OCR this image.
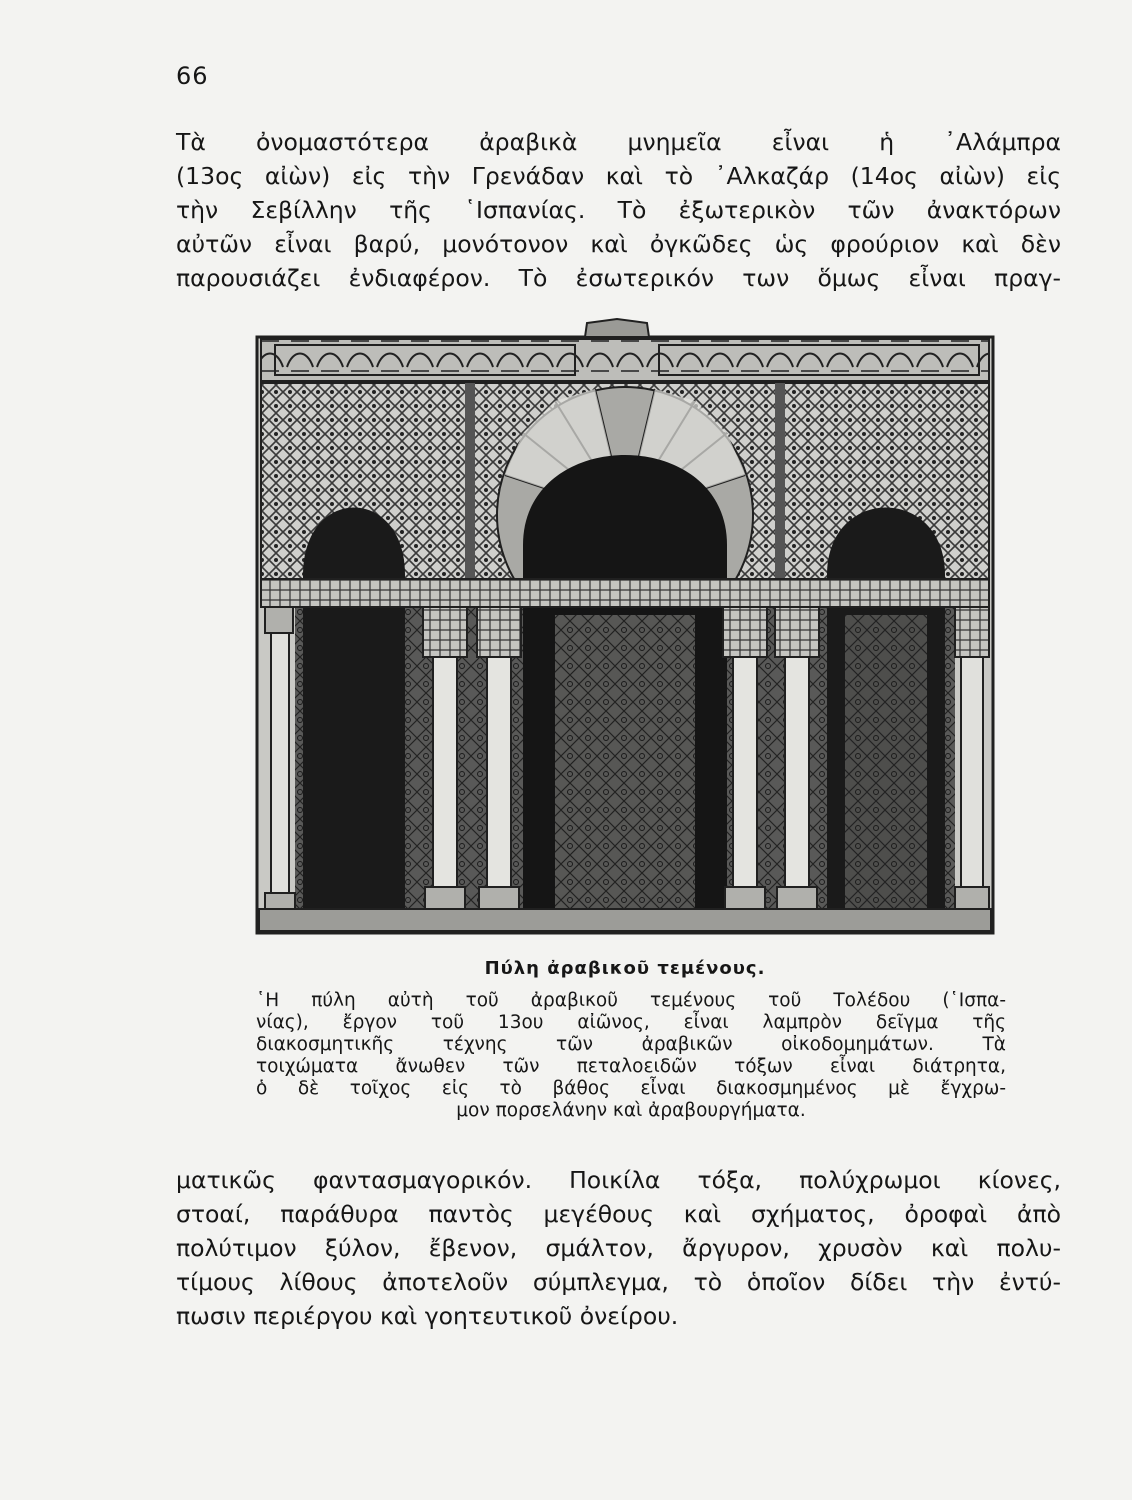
66
Τὰ ὀνομαστότερα ἀραβικὰ μνημεῖα εἶναι ἡ ᾿Αλάμπρα
(13ος αἰὼν) εἰς τὴν Γρενάδαν καὶ τὸ ᾿Αλκαζάρ (14ος αἰὼν) εἰς
τὴν Σεβίλλην τῆς ῾Ισπανίας. Τὸ ἐξωτερικὸν τῶν ἀνακτόρων
αὐτῶν εἶναι βαρύ, μονότονον καὶ ὀγκῶδες ὡς φρούριον καὶ δὲν
παρουσιάζει ἐνδιαφέρον. Τὸ ἐσωτερικόν των ὅμως εἶναι πραγ-
Πύλη ἀραβικοῦ τεμένους.
῾Η πύλη αὐτὴ τοῦ ἀραβικοῦ τεμένους τοῦ Τολέδου (῾Ισπα-
νίας), ἔργον τοῦ 13ου αἰῶνος, εἶναι λαμπρὸν δεῖγμα τῆς
διακοσμητικῆς τέχνης τῶν ἀραβικῶν οἰκοδομημάτων. Τὰ
τοιχώματα ἄνωθεν τῶν πεταλοειδῶν τόξων εἶναι διάτρητα,
ὁ δὲ τοῖχος εἰς τὸ βάθος εἶναι διακοσμημένος μὲ ἔγχρω-
μον πορσελάνην καὶ ἀραβουργήματα.
ματικῶς φαντασμαγορικόν. Ποικίλα τόξα, πολύχρωμοι κίονες,
στοαί, παράθυρα παντὸς μεγέθους καὶ σχήματος, ὀροφαὶ ἀπὸ
πολύτιμον ξύλον, ἔβενον, σμάλτον, ἄργυρον, χρυσὸν καὶ πολυ-
τίμους λίθους ἀποτελοῦν σύμπλεγμα, τὸ ὁποῖον δίδει τὴν ἐντύ-
πωσιν περιέργου καὶ γοητευτικοῦ ὀνείρου.
